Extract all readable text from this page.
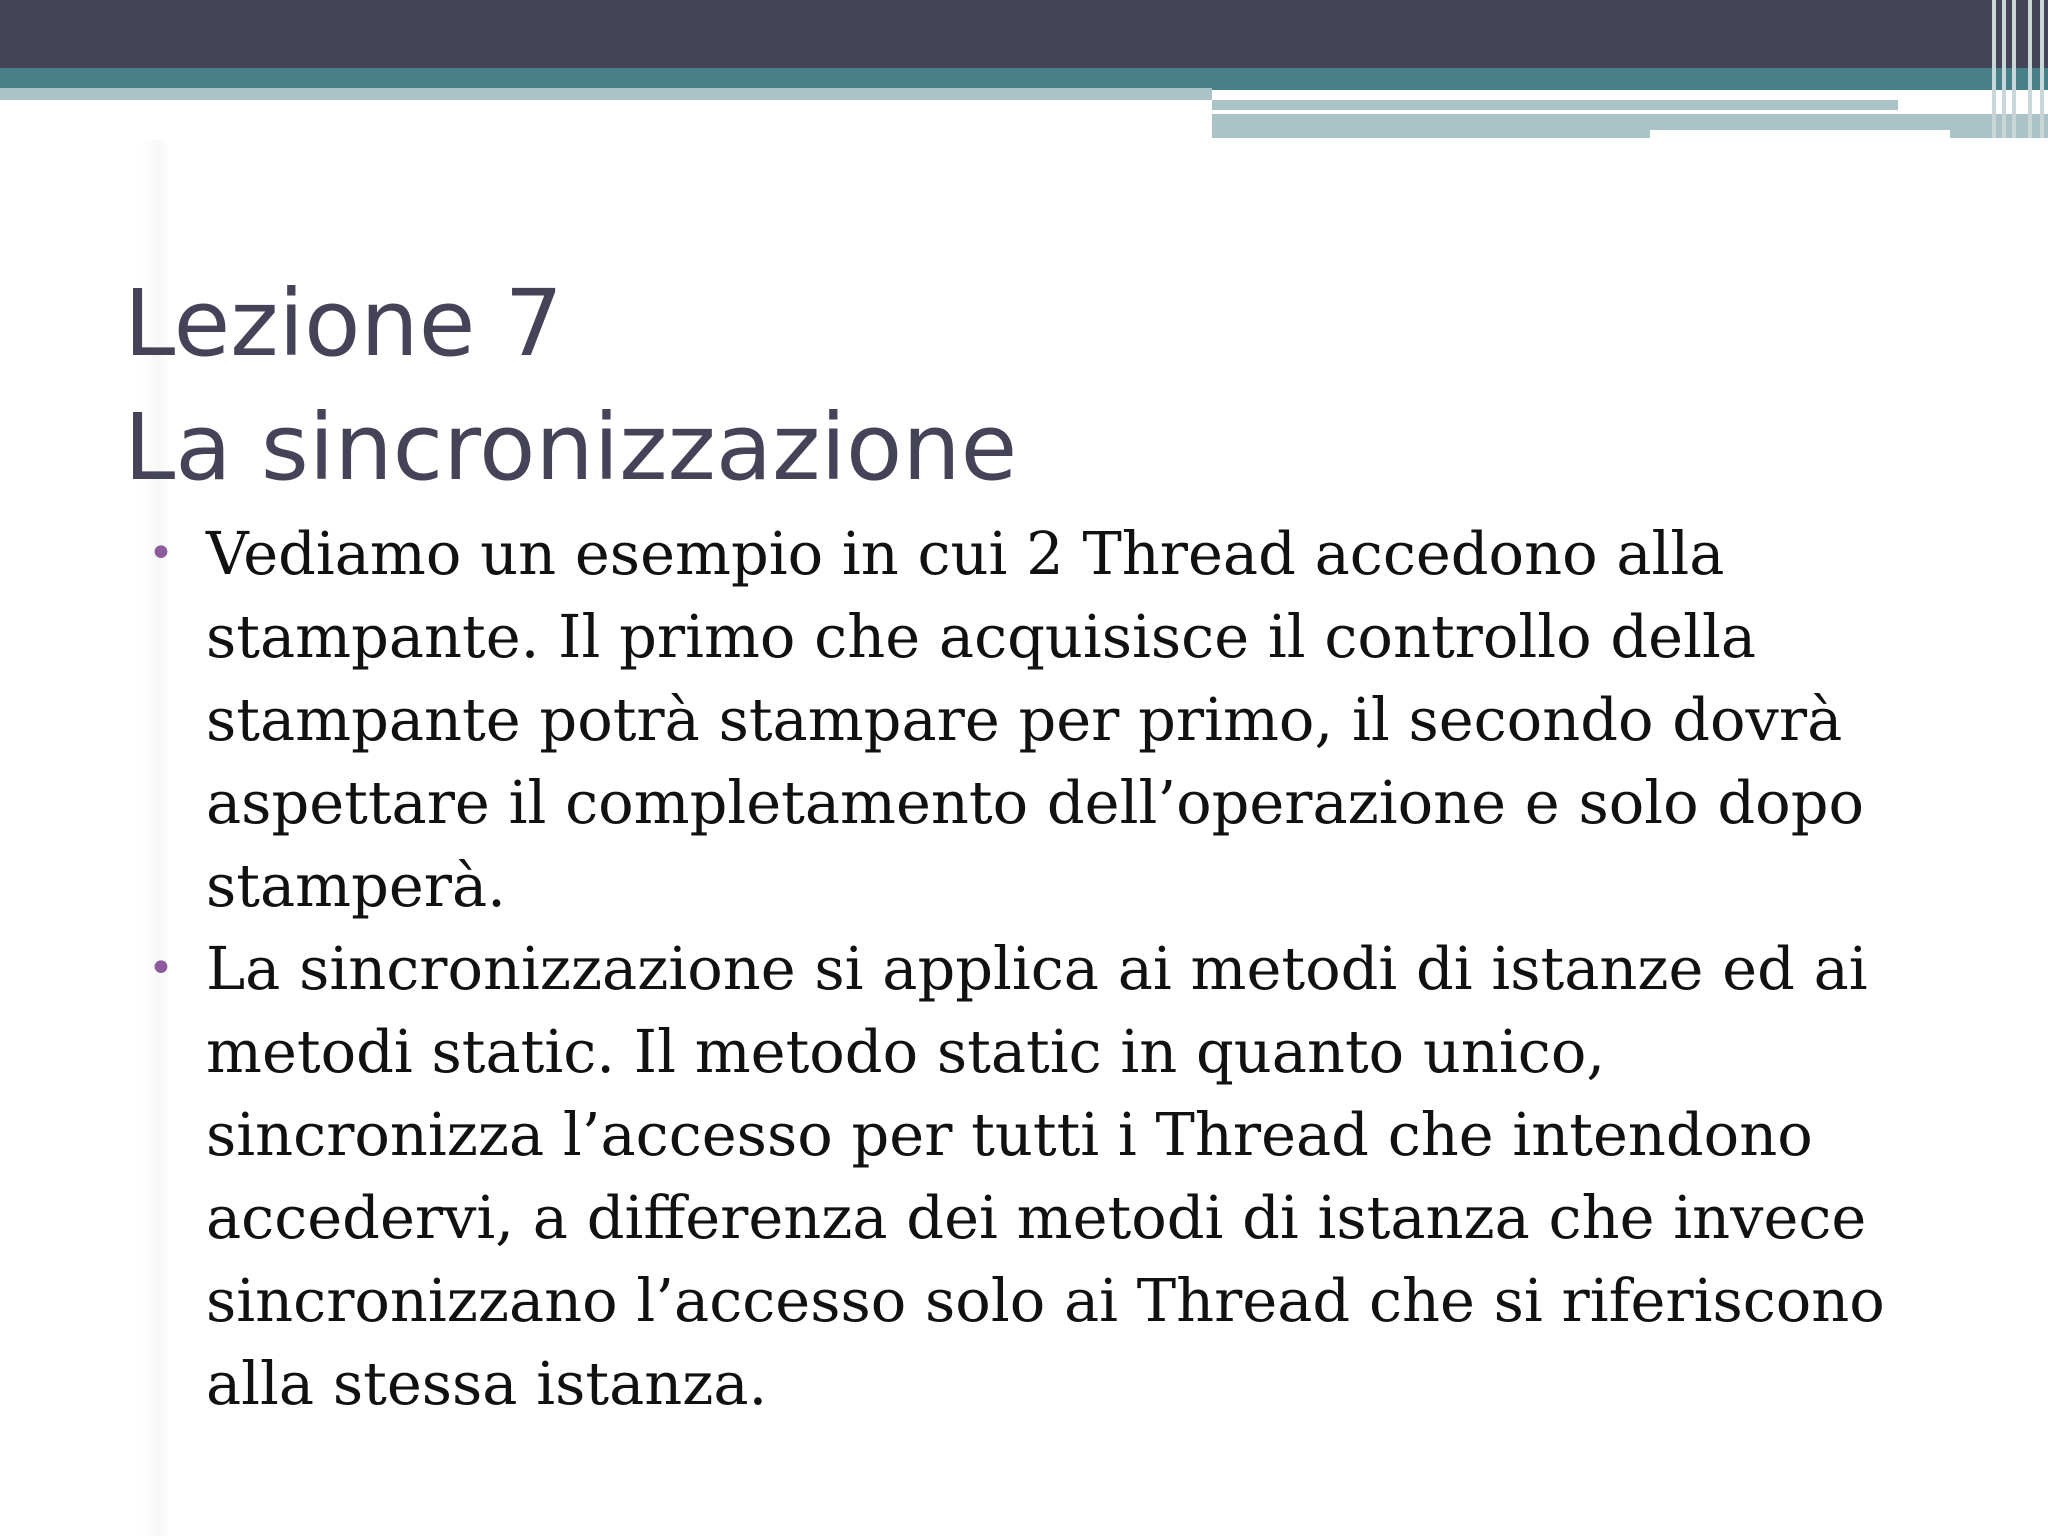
Lezione 7
La sincronizzazione
• Vediamo un esempio in cui 2 Thread accedono alla
stampante. Il primo che acquisisce il controllo della
stampante potrà stampare per primo, il secondo dovrà
aspettare il completamento dell’operazione e solo dopo
stamperà.
• La sincronizzazione si applica ai metodi di istanze ed ai
metodi static. Il metodo static in quanto unico,
sincronizza l’accesso per tutti i Thread che intendono
accedervi, a differenza dei metodi di istanza che invece
sincronizzano l’accesso solo ai Thread che si riferiscono
alla stessa istanza.
